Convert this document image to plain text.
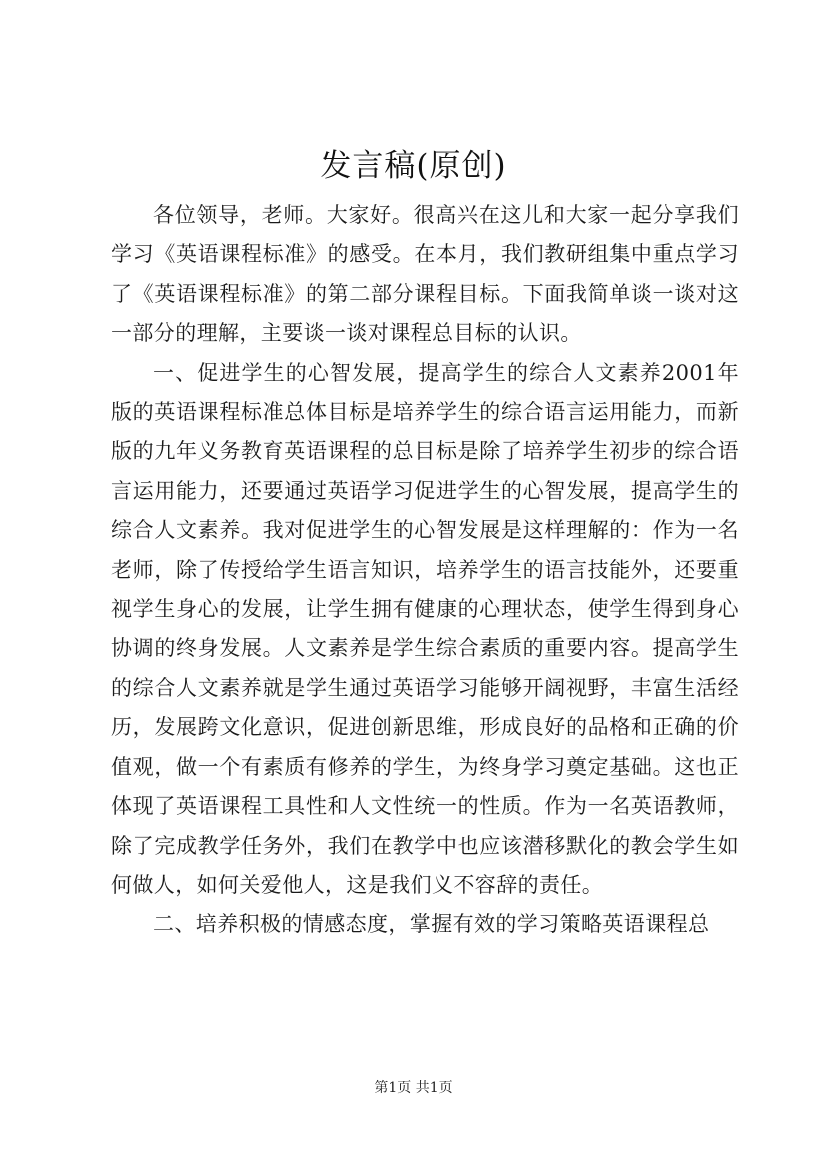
发言稿(原创)

各位领导，老师。大家好。很高兴在这儿和大家一起分享我们学习《英语课程标准》的感受。在本月，我们教研组集中重点学习了《英语课程标准》的第二部分课程目标。下面我简单谈一谈对这一部分的理解，主要谈一谈对课程总目标的认识。

一、促进学生的心智发展，提高学生的综合人文素养2001年版的英语课程标准总体目标是培养学生的综合语言运用能力，而新版的九年义务教育英语课程的总目标是除了培养学生初步的综合语言运用能力，还要通过英语学习促进学生的心智发展，提高学生的综合人文素养。我对促进学生的心智发展是这样理解的：作为一名老师，除了传授给学生语言知识，培养学生的语言技能外，还要重视学生身心的发展，让学生拥有健康的心理状态，使学生得到身心协调的终身发展。人文素养是学生综合素质的重要内容。提高学生的综合人文素养就是学生通过英语学习能够开阔视野，丰富生活经历，发展跨文化意识，促进创新思维，形成良好的品格和正确的价值观，做一个有素质有修养的学生，为终身学习奠定基础。这也正体现了英语课程工具性和人文性统一的性质。作为一名英语教师，除了完成教学任务外，我们在教学中也应该潜移默化的教会学生如何做人，如何关爱他人，这是我们义不容辞的责任。

二、培养积极的情感态度，掌握有效的学习策略英语课程总

第1页 共1页
